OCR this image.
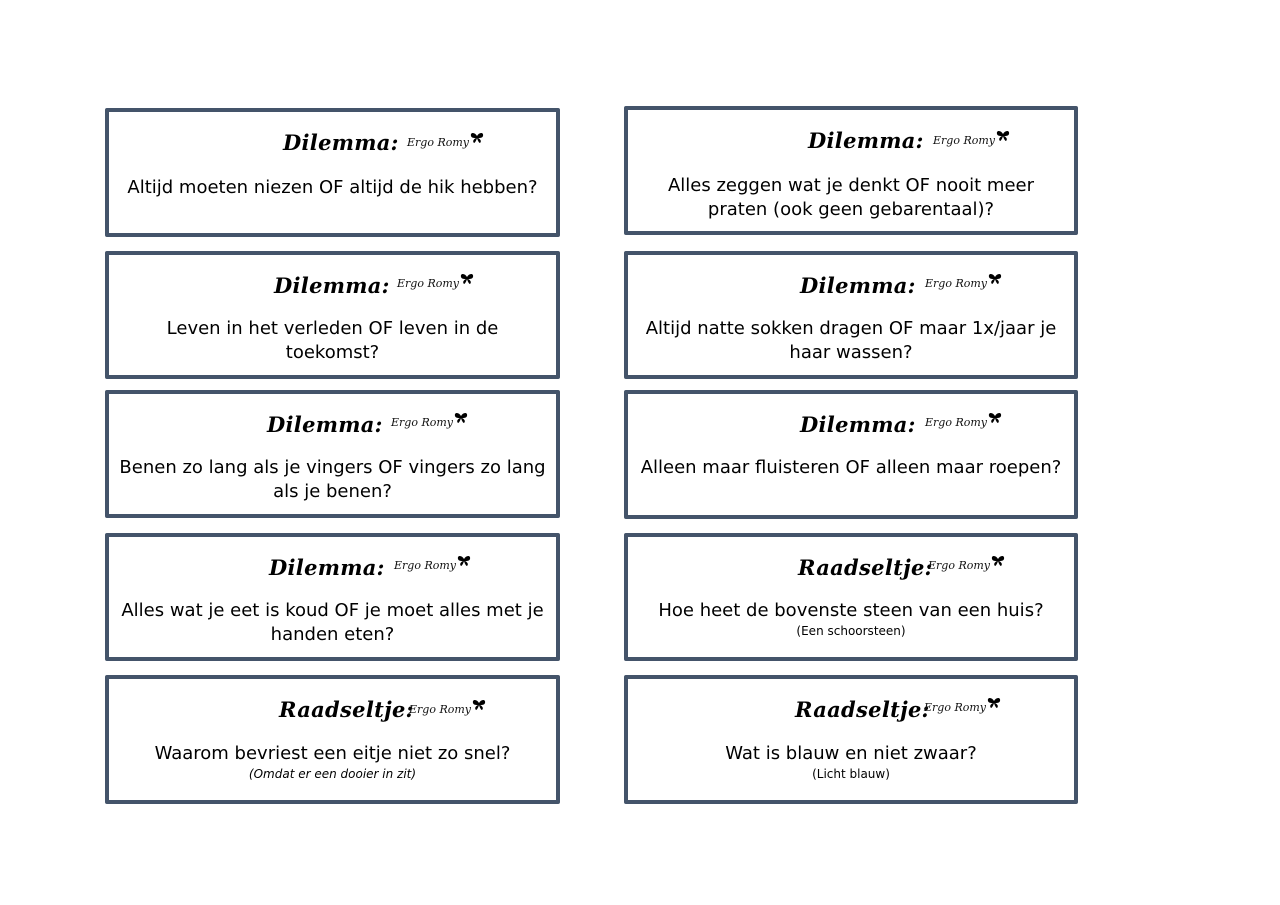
Dilemma: Ergo Romy
Altijd moeten niezen OF altijd de hik hebben?
Dilemma: Ergo Romy
Alles zeggen wat je denkt OF nooit meer praten (ook geen gebarentaal)?
Dilemma: Ergo Romy
Leven in het verleden OF leven in de toekomst?
Dilemma: Ergo Romy
Altijd natte sokken dragen OF maar 1x/jaar je haar wassen?
Dilemma: Ergo Romy
Benen zo lang als je vingers OF vingers zo lang als je benen?
Dilemma: Ergo Romy
Alleen maar fluisteren OF alleen maar roepen?
Dilemma: Ergo Romy
Alles wat je eet is koud OF je moet alles met je handen eten?
Raadseltje:
Ergo Romy
Hoe heet de bovenste steen van een huis?
(Een schoorsteen)
Raadseltje:
Ergo Romy
Waarom bevriest een eitje niet zo snel?
(Omdat er een dooier in zit)
Raadseltje:
Ergo Romy
Wat is blauw en niet zwaar?
(Licht blauw)
